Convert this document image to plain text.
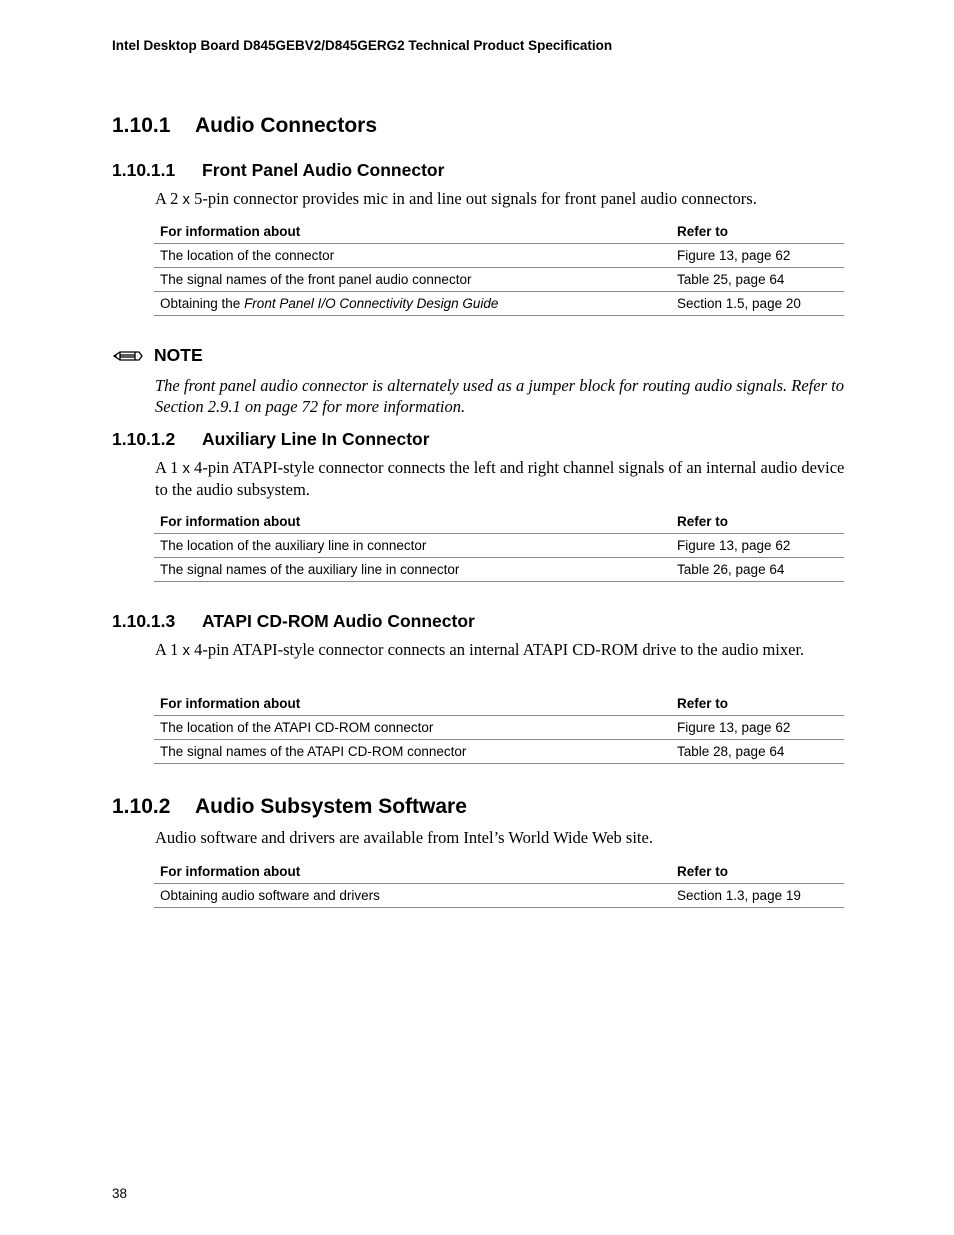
Intel Desktop Board D845GEBV2/D845GERG2 Technical Product Specification
1.10.1 Audio Connectors
1.10.1.1 Front Panel Audio Connector
A 2 x 5-pin connector provides mic in and line out signals for front panel audio connectors.
For information about	Refer to
The location of the connector	Figure 13, page 62
The signal names of the front panel audio connector	Table 25, page 64
Obtaining the Front Panel I/O Connectivity Design Guide	Section 1.5, page 20
NOTE
The front panel audio connector is alternately used as a jumper block for routing audio signals. Refer to Section 2.9.1 on page 72 for more information.
1.10.1.2 Auxiliary Line In Connector
A 1 x 4-pin ATAPI-style connector connects the left and right channel signals of an internal audio device to the audio subsystem.
For information about	Refer to
The location of the auxiliary line in connector	Figure 13, page 62
The signal names of the auxiliary line in connector	Table 26, page 64
1.10.1.3 ATAPI CD-ROM Audio Connector
A 1 x 4-pin ATAPI-style connector connects an internal ATAPI CD-ROM drive to the audio mixer.
For information about	Refer to
The location of the ATAPI CD-ROM connector	Figure 13, page 62
The signal names of the ATAPI CD-ROM connector	Table 28, page 64
1.10.2 Audio Subsystem Software
Audio software and drivers are available from Intel’s World Wide Web site.
For information about	Refer to
Obtaining audio software and drivers	Section 1.3, page 19
38
